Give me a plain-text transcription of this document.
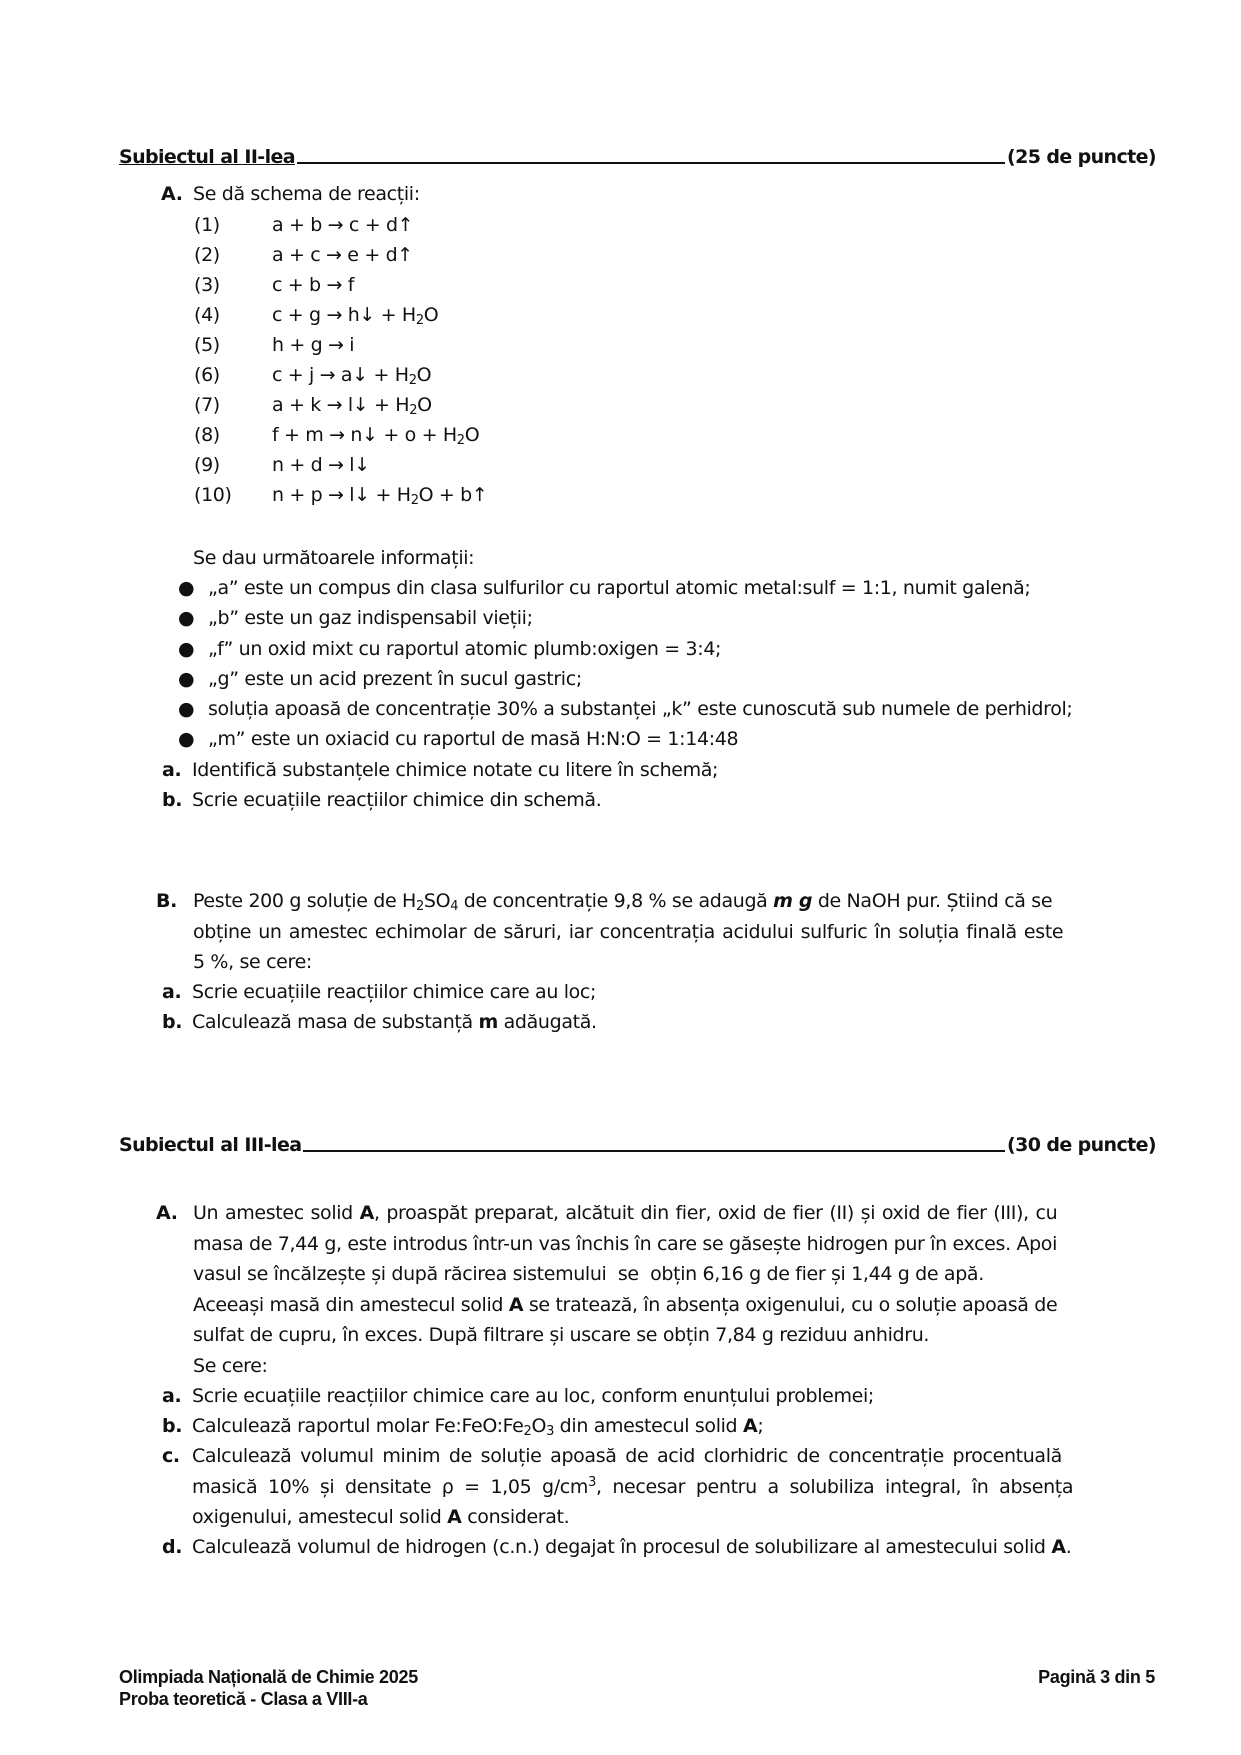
Subiectul al II-lea	(25 de puncte)
A. Se dă schema de reacții:
(1)	a + b → c + d↑
(2)	a + c → e + d↑
(3)	c + b → f
(4)	c + g → h↓ + $H_2O$
(5)	h + g → i
(6)	c + j → a↓ + $H_2O$
(7)	a + k → l↓ + $H_2O$
(8)	f + m → n↓ + $o + H_2O$
(9)	n + d → l↓
(10)	n + p → l↓ + $H_2O$ + b↑
Se dau următoarele informații:
● „a” este un compus din clasa sulfurilor cu raportul atomic metal:sulf = 1:1, numit galenă;
● „b” este un gaz indispensabil vieții;
● „f” un oxid mixt cu raportul atomic plumb:oxigen = 3:4;
● „g” este un acid prezent în sucul gastric;
● soluția apoasă de concentrație 30% a substanței „k” este cunoscută sub numele de perhidrol;
● „m” este un oxiacid cu raportul de masă H:N:O = 1:14:48
a. Identifică substanțele chimice notate cu litere în schemă;
b. Scrie ecuațiile reacțiilor chimice din schemă.
B. Peste 200 g soluție de $H_2SO_4$ de concentrație 9,8 % se adaugă m g de NaOH pur. Știind că se
obține un amestec echimolar de săruri, iar concentrația acidului sulfuric în soluția finală este
5 %, se cere:
a. Scrie ecuațiile reacțiilor chimice care au loc;
b. Calculează masa de substanță m adăugată.
Subiectul al III-lea	(30 de puncte)
A. Un amestec solid A, proaspăt preparat, alcătuit din fier, oxid de fier (II) și oxid de fier (III), cu
masa de 7,44 g, este introdus într-un vas închis în care se găsește hidrogen pur în exces. Apoi
vasul se încălzește și după răcirea sistemului  se  obțin 6,16 g de fier și 1,44 g de apă.
Aceeași masă din amestecul solid A se tratează, în absența oxigenului, cu o soluție apoasă de
sulfat de cupru, în exces. După filtrare și uscare se obțin 7,84 g reziduu anhidru.
Se cere:
a. Scrie ecuațiile reacțiilor chimice care au loc, conform enunțului problemei;
b. Calculează raportul molar $Fe:FeO:Fe_2O_3$ din amestecul solid A;
c. Calculează volumul minim de soluție apoasă de acid clorhidric de concentrație procentuală
masică 10% și densitate ρ = 1,05 $g/cm^3$, necesar pentru a solubiliza integral, în absența
oxigenului, amestecul solid A considerat.
d. Calculează volumul de hidrogen (c.n.) degajat în procesul de solubilizare al amestecului solid A.
Olimpiada Națională de Chimie 2025
Proba teoretică - Clasa a VIII-a
Pagină 3 din 5
